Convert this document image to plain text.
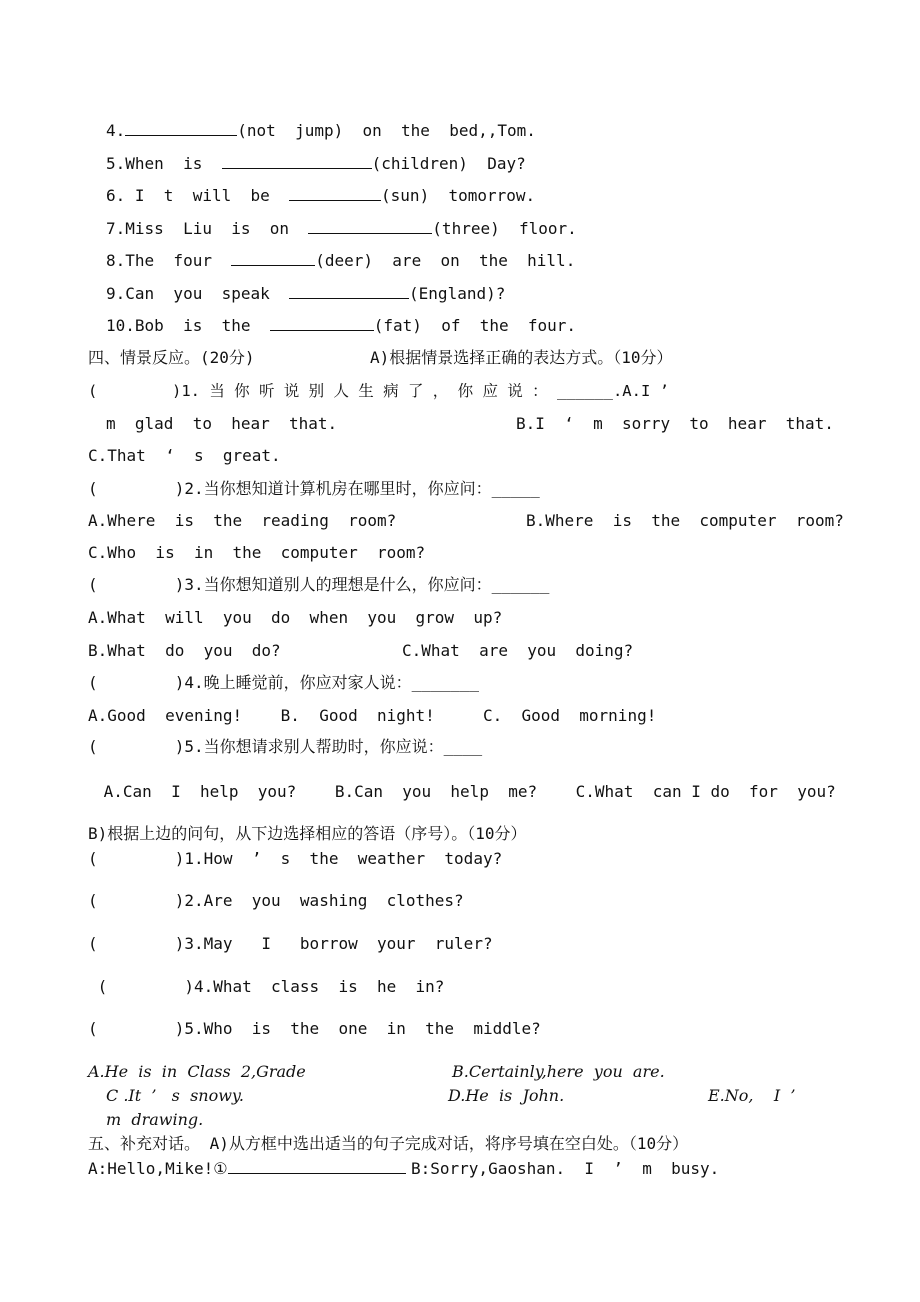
4.	(not  jump)  on  the  bed,,Tom.
5.When  is	(children)  Day?
6. I  t  will  be	(sun)  tomorrow.
7.Miss  Liu  is  on	(three)  floor.
8.The  four	(deer)  are  on  the  hill.
9.Can  you  speak	(England)?
10.Bob  is  the	(fat)  of  the  four.
四、情景反应。(20分)	A)根据情景选择正确的表达方式。（10分）
(        )1. 当 你 听 说 别 人 生 病 了 ， 你 应 说 ： ______.A.I ’
m  glad  to  hear  that.	B.I  ‘  m  sorry  to  hear  that.
C.That  ‘  s  great.
(        )2.当你想知道计算机房在哪里时，你应问：_____
A.Where  is  the  reading  room?	B.Where  is  the  computer  room?
C.Who  is  in  the  computer  room?
(        )3.当你想知道别人的理想是什么，你应问：______
A.What  will  you  do  when  you  grow  up?
B.What  do  you  do?	C.What  are  you  doing?
(        )4.晚上睡觉前，你应对家人说：_______
A.Good  evening!    B.  Good  night!     C.  Good  morning!
(        )5.当你想请求别人帮助时，你应说：____
A.Can  I  help  you?    B.Can  you  help  me?    C.What  can I do  for  you?
B)根据上边的问句，从下边选择相应的答语（序号）。（10分）
(        )1.How  ’  s  the  weather  today?
(        )2.Are  you  washing  clothes?
(        )3.May   I   borrow  your  ruler?
(        )4.What  class  is  he  in?
(        )5.Who  is  the  one  in  the  middle?
A.He  is  in  Class  2,Grade	B.Certainly,here  you  are.
C .It  ’   s  snowy.	D.He  is  John.	E.No,    I  ’
m  drawing.
五、补充对话。 A)从方框中选出适当的句子完成对话，将序号填在空白处。（10分）
A:Hello,Mike!①	B:Sorry,Gaoshan.  I  ’  m  busy.
